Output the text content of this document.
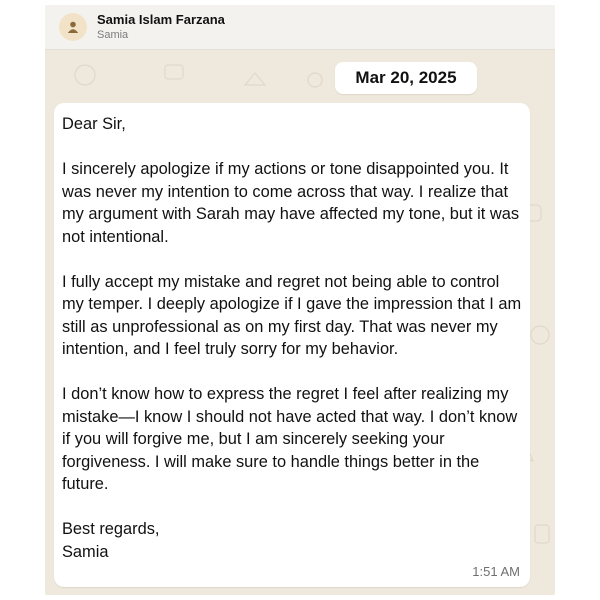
Samia Islam Farzana
Samia
Mar 20, 2025

Dear Sir,

I sincerely apologize if my actions or tone disappointed you. It was never my intention to come across that way. I realize that my argument with Sarah may have affected my tone, but it was not intentional.

I fully accept my mistake and regret not being able to control my temper. I deeply apologize if I gave the impression that I am still as unprofessional as on my first day. That was never my intention, and I feel truly sorry for my behavior.

I don’t know how to express the regret I feel after realizing my mistake—I know I should not have acted that way. I don’t know if you will forgive me, but I am sincerely seeking your forgiveness. I will make sure to handle things better in the future.

Best regards,
Samia

1:51 AM
